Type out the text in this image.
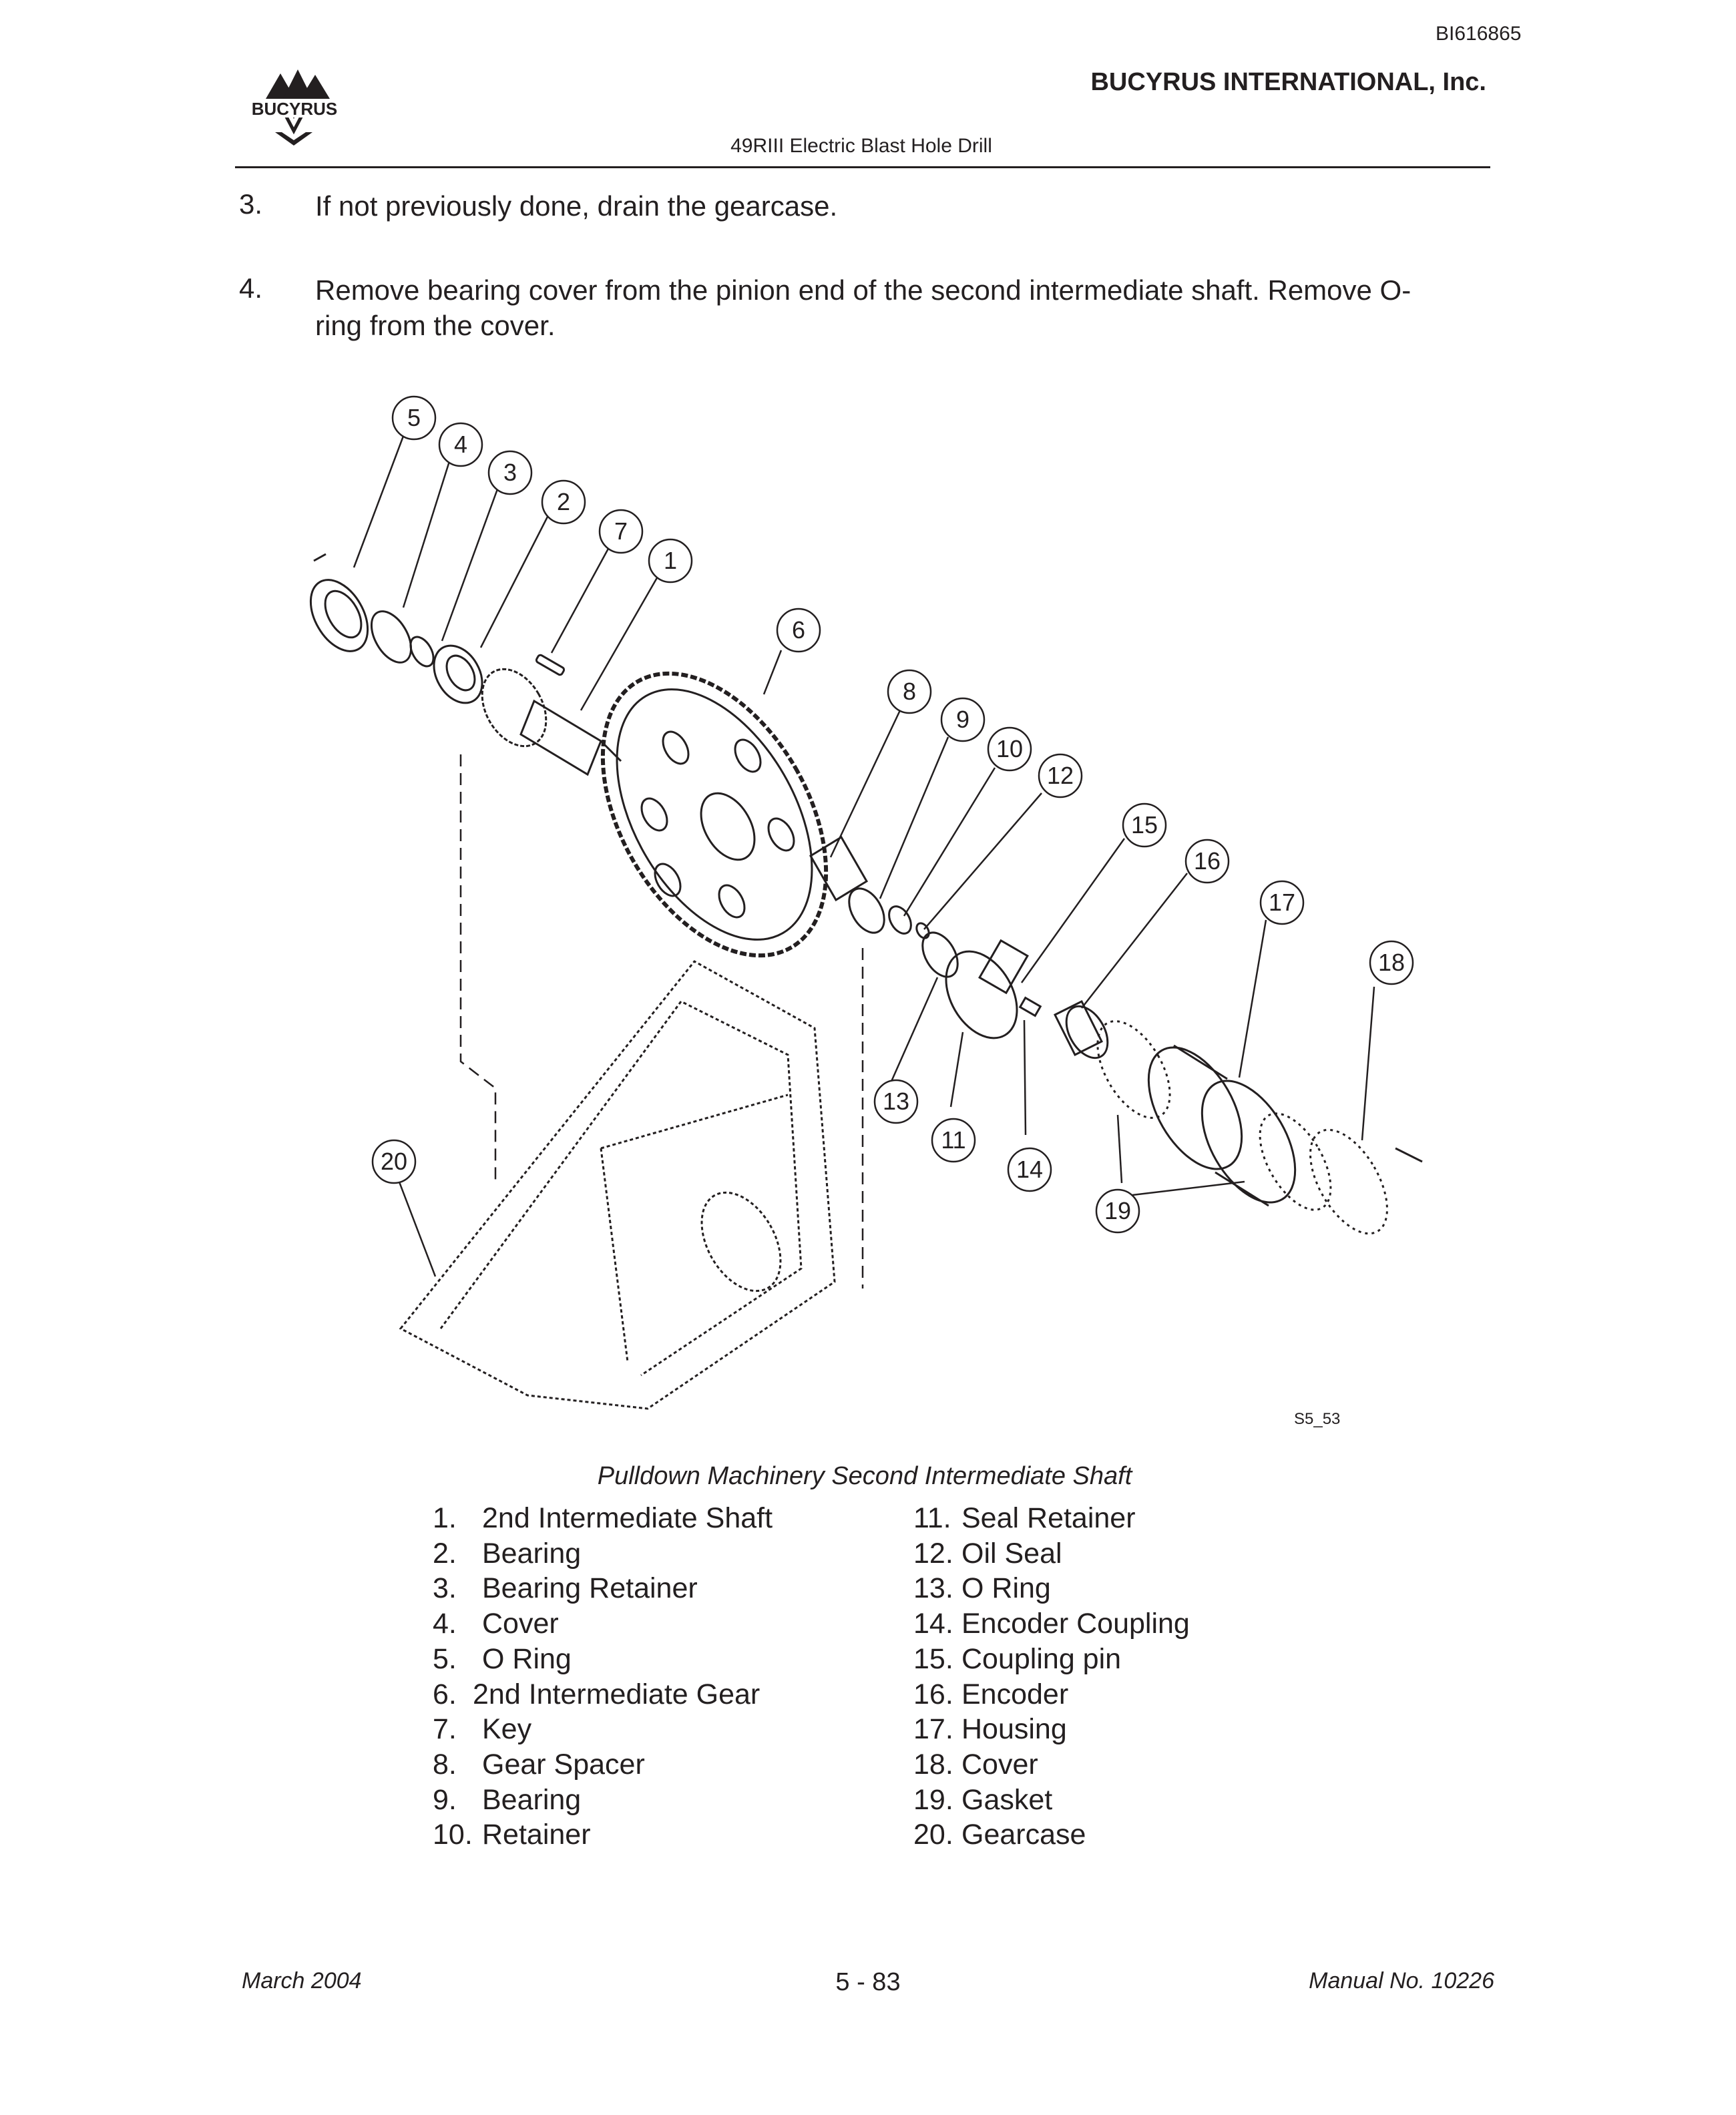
BI616865
BUCYRUS INTERNATIONAL, Inc.
BUCYRUS
49RIII Electric Blast Hole Drill
3. If not previously done, drain the gearcase.
4. Remove bearing cover from the pinion end of the second intermediate shaft. Remove O-
ring from the cover.
5
4
3
2
7
1
6
8
9
10
12
15
16
17
18
13
11
14
19
20
S5_53
Pulldown Machinery Second Intermediate Shaft
1. 2nd Intermediate Shaft
2. Bearing
3. Bearing Retainer
4. Cover
5. O Ring
6. 2nd Intermediate Gear
7. Key
8. Gear Spacer
9. Bearing
10. Retainer
11. Seal Retainer
12. Oil Seal
13. O Ring
14. Encoder Coupling
15. Coupling pin
16. Encoder
17. Housing
18. Cover
19. Gasket
20. Gearcase
March 2004	5 - 83	Manual No. 10226
